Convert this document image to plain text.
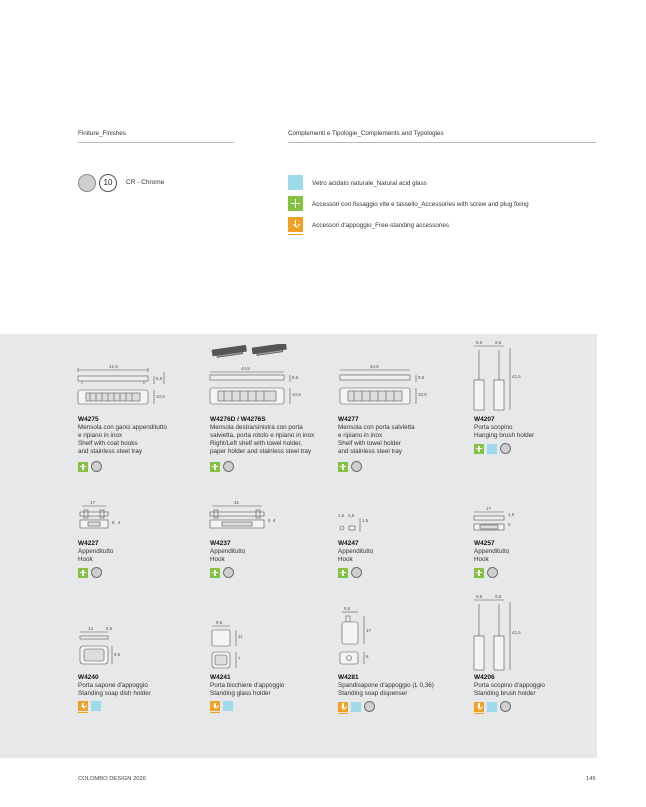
Finiture_Finishes	Complementi e Tipologie_Complements and Typologies
10	CR - Chrome	Vetro acidato naturale_Natural acid glass
Accessori con fissaggio vite e tassello_Accessories with screw and plug fixing
Accessori d'appoggio_Free-standing accessories
41,5
6,5
10,5
44,5
8,5
10,5
44,5
8,5
10,5
9,5	9,5
42,5
W4275
Mensola con ganci appenditutto
e ripiano in inox
Shelf with coat hooks
and stainless steel tray
W4276D / W4276S
Mensola destra/sinistra con porta
salvietta, porta rotolo e ripiano in inox
Right/Left shelf with towel holder,
paper holder and stainless steel tray
W4277
Mensola con porta salvietta
e ripiano in inox
Shelf with towel holder
and stainless steel tray
W4207
Porta scopino
Hanging brush holder
17
5 4
31
5 4
1,5 2,5
1,5
17
1,5
5
W4227
Appenditutto
Hook
W4237
Appenditutto
Hook
W4247
Appenditutto
Hook
W4257
Appenditutto
Hook
14	6,5
9,5
9,5
11
7
9,5
17
8
9,5	9,5
42,5
W4240
Porta sapone d'appoggio
Standing soap dish holder
W4241
Porta bicchiere d'appoggio
Standing glass holder
W4281
Spandisapone d'appoggio (L 0,36)
Standing soap dispenser
W4206
Porta scopino d'appoggio
Standing brush holder
COLOMBO DESIGN 2026	145
